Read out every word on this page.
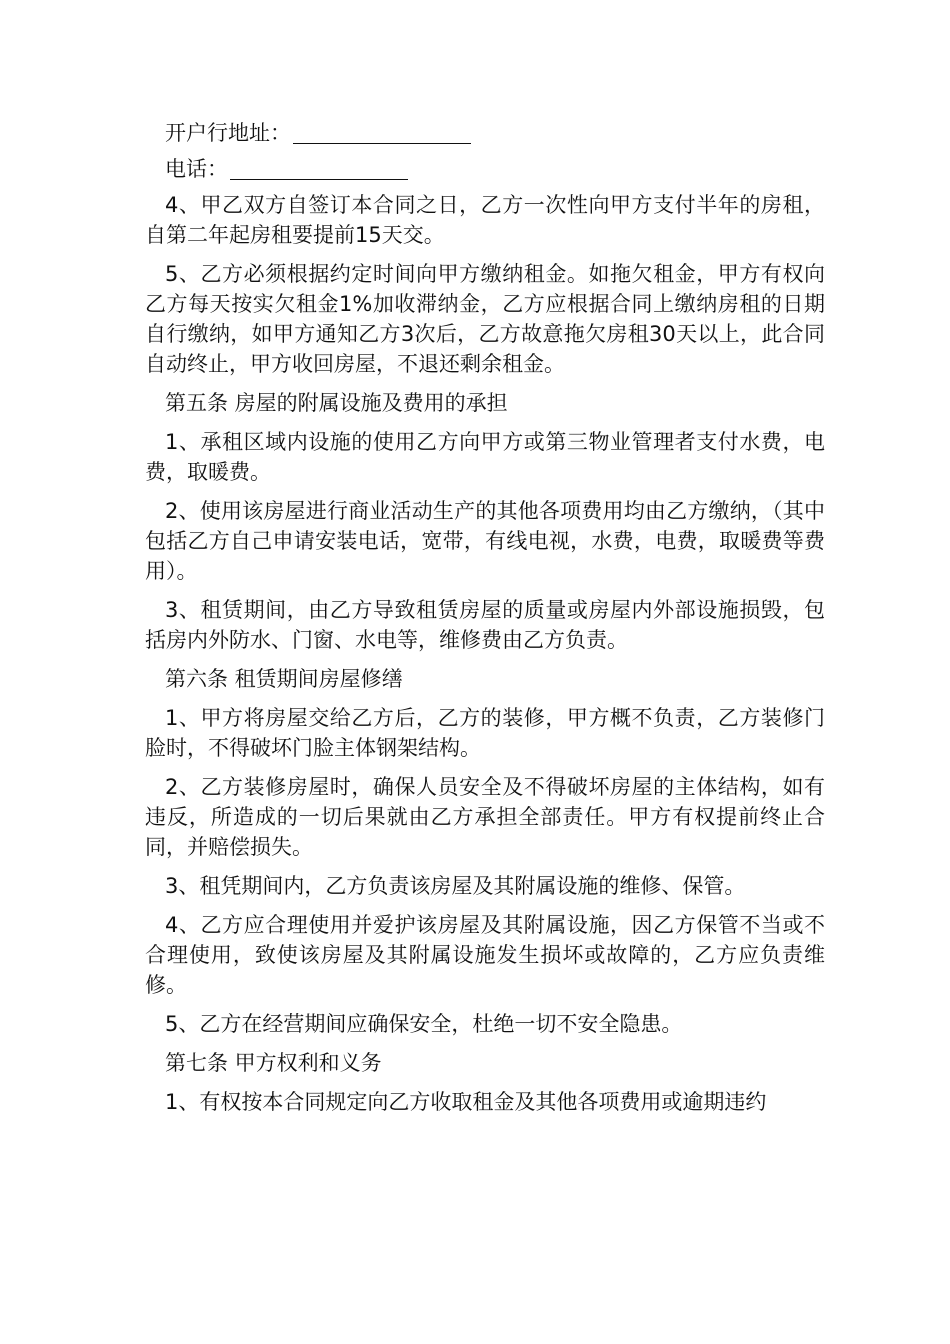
开户行地址：

电话：

4、甲乙双方自签订本合同之日，乙方一次性向甲方支付半年的房租，自第二年起房租要提前15天交。

5、乙方必须根据约定时间向甲方缴纳租金。如拖欠租金，甲方有权向乙方每天按实欠租金1%加收滞纳金，乙方应根据合同上缴纳房租的日期自行缴纳，如甲方通知乙方3次后，乙方故意拖欠房租30天以上，此合同自动终止，甲方收回房屋，不退还剩余租金。

第五条 房屋的附属设施及费用的承担

1、承租区域内设施的使用乙方向甲方或第三物业管理者支付水费，电费，取暖费。

2、使用该房屋进行商业活动生产的其他各项费用均由乙方缴纳，（其中包括乙方自己申请安装电话，宽带，有线电视，水费，电费，取暖费等费用）。

3、租赁期间，由乙方导致租赁房屋的质量或房屋内外部设施损毁，包括房内外防水、门窗、水电等，维修费由乙方负责。

第六条 租赁期间房屋修缮

1、甲方将房屋交给乙方后，乙方的装修，甲方概不负责，乙方装修门脸时，不得破坏门脸主体钢架结构。

2、乙方装修房屋时，确保人员安全及不得破坏房屋的主体结构，如有违反，所造成的一切后果就由乙方承担全部责任。甲方有权提前终止合同，并赔偿损失。

3、租凭期间内，乙方负责该房屋及其附属设施的维修、保管。

4、乙方应合理使用并爱护该房屋及其附属设施，因乙方保管不当或不合理使用，致使该房屋及其附属设施发生损坏或故障的，乙方应负责维修。

5、乙方在经营期间应确保安全，杜绝一切不安全隐患。

第七条 甲方权利和义务

1、有权按本合同规定向乙方收取租金及其他各项费用或逾期违约
